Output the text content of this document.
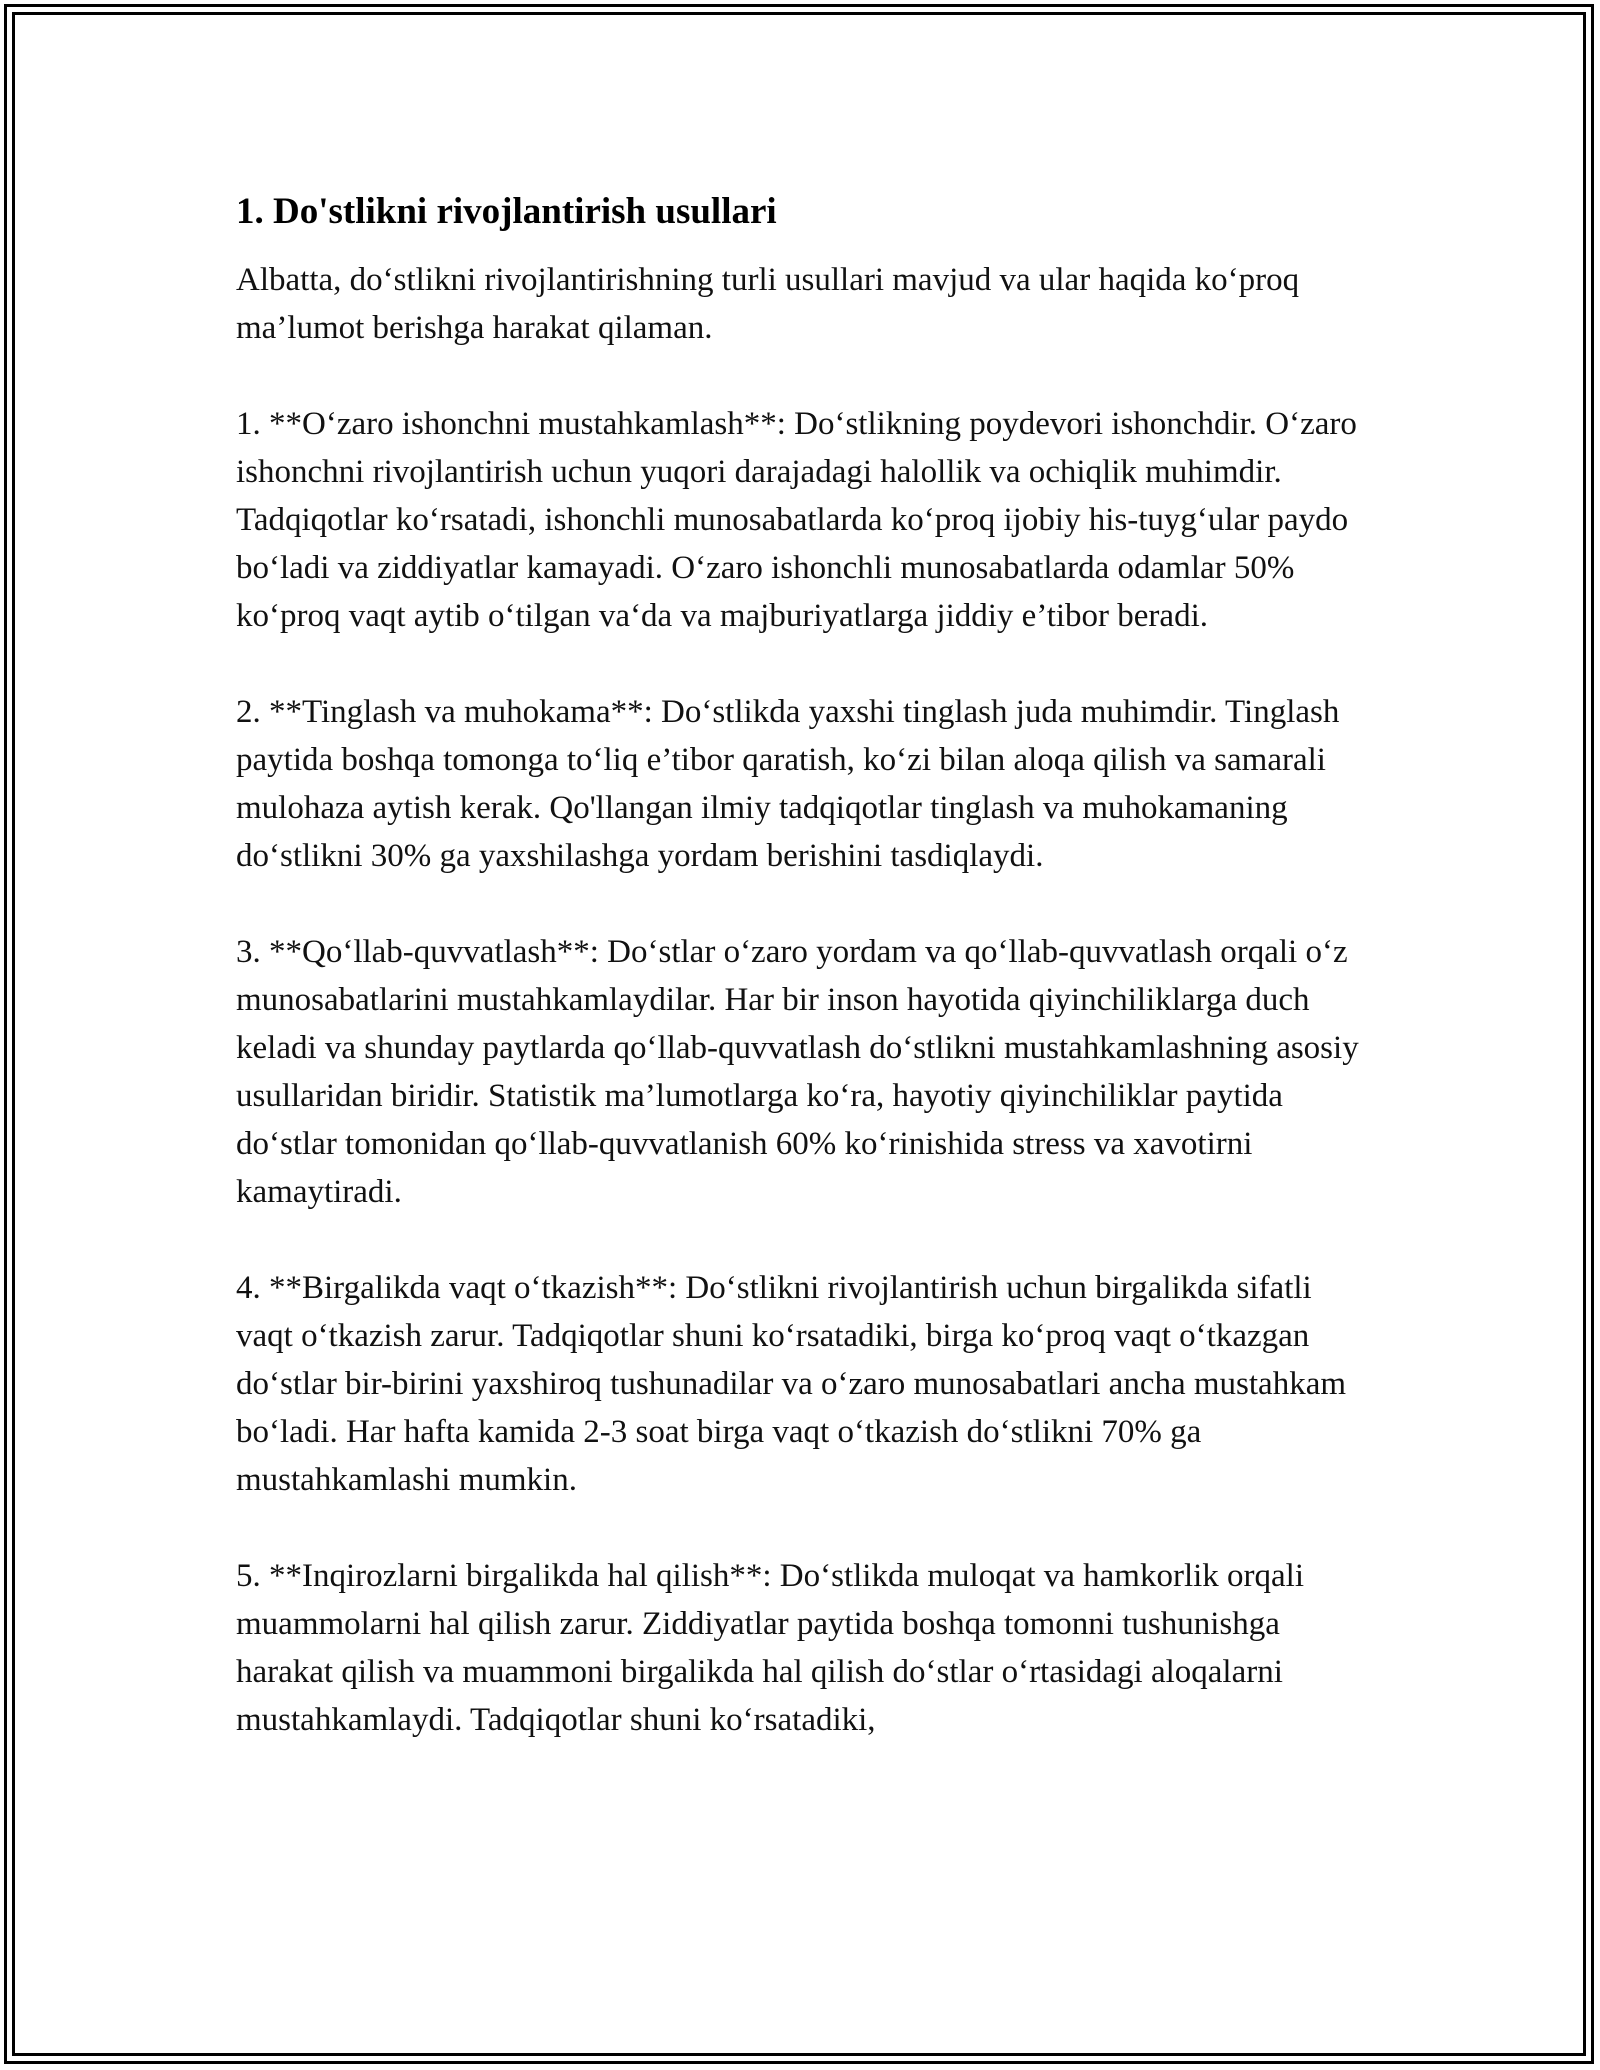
1. Do'stlikni rivojlantirish usullari

Albatta, do‘stlikni rivojlantirishning turli usullari mavjud va ular haqida ko‘proq ma’lumot berishga harakat qilaman.

1. **O‘zaro ishonchni mustahkamlash**: Do‘stlikning poydevori ishonchdir. O‘zaro ishonchni rivojlantirish uchun yuqori darajadagi halollik va ochiqlik muhimdir. Tadqiqotlar ko‘rsatadi, ishonchli munosabatlarda ko‘proq ijobiy his-tuyg‘ular paydo bo‘ladi va ziddiyatlar kamayadi. O‘zaro ishonchli munosabatlarda odamlar 50% ko‘proq vaqt aytib o‘tilgan va‘da va majburiyatlarga jiddiy e’tibor beradi.

2. **Tinglash va muhokama**: Do‘stlikda yaxshi tinglash juda muhimdir. Tinglash paytida boshqa tomonga to‘liq e’tibor qaratish, ko‘zi bilan aloqa qilish va samarali mulohaza aytish kerak. Qo'llangan ilmiy tadqiqotlar tinglash va muhokamaning do‘stlikni 30% ga yaxshilashga yordam berishini tasdiqlaydi.

3. **Qo‘llab-quvvatlash**: Do‘stlar o‘zaro yordam va qo‘llab-quvvatlash orqali o‘z munosabatlarini mustahkamlaydilar. Har bir inson hayotida qiyinchiliklarga duch keladi va shunday paytlarda qo‘llab-quvvatlash do‘stlikni mustahkamlashning asosiy usullaridan biridir. Statistik ma’lumotlarga ko‘ra, hayotiy qiyinchiliklar paytida do‘stlar tomonidan qo‘llab-quvvatlanish 60% ko‘rinishida stress va xavotirni kamaytiradi.

4. **Birgalikda vaqt o‘tkazish**: Do‘stlikni rivojlantirish uchun birgalikda sifatli vaqt o‘tkazish zarur. Tadqiqotlar shuni ko‘rsatadiki, birga ko‘proq vaqt o‘tkazgan do‘stlar bir-birini yaxshiroq tushunadilar va o‘zaro munosabatlari ancha mustahkam bo‘ladi. Har hafta kamida 2-3 soat birga vaqt o‘tkazish do‘stlikni 70% ga mustahkamlashi mumkin.

5. **Inqirozlarni birgalikda hal qilish**: Do‘stlikda muloqat va hamkorlik orqali muammolarni hal qilish zarur. Ziddiyatlar paytida boshqa tomonni tushunishga harakat qilish va muammoni birgalikda hal qilish do‘stlar o‘rtasidagi aloqalarni mustahkamlaydi. Tadqiqotlar shuni ko‘rsatadiki,
